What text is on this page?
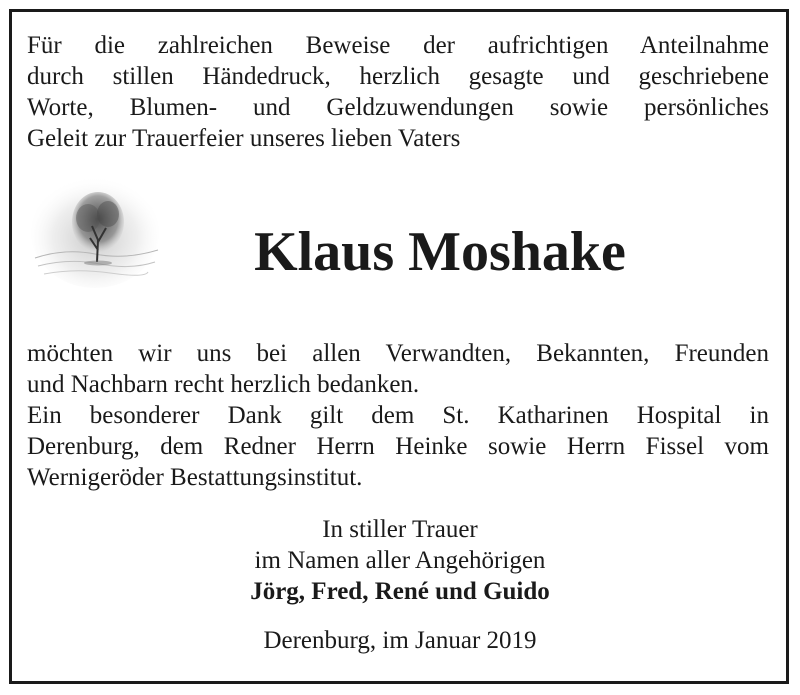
Für die zahlreichen Beweise der aufrichtigen Anteilnahme
durch stillen Händedruck, herzlich gesagte und geschriebene
Worte, Blumen- und Geldzuwendungen sowie persönliches
Geleit zur Trauerfeier unseres lieben Vaters
Klaus Moshake
möchten wir uns bei allen Verwandten, Bekannten, Freunden
und Nachbarn recht herzlich bedanken.
Ein besonderer Dank gilt dem St. Katharinen Hospital in
Derenburg, dem Redner Herrn Heinke sowie Herrn Fissel vom
Wernigeröder Bestattungsinstitut.
In stiller Trauer
im Namen aller Angehörigen
Jörg, Fred, René und Guido
Derenburg, im Januar 2019
